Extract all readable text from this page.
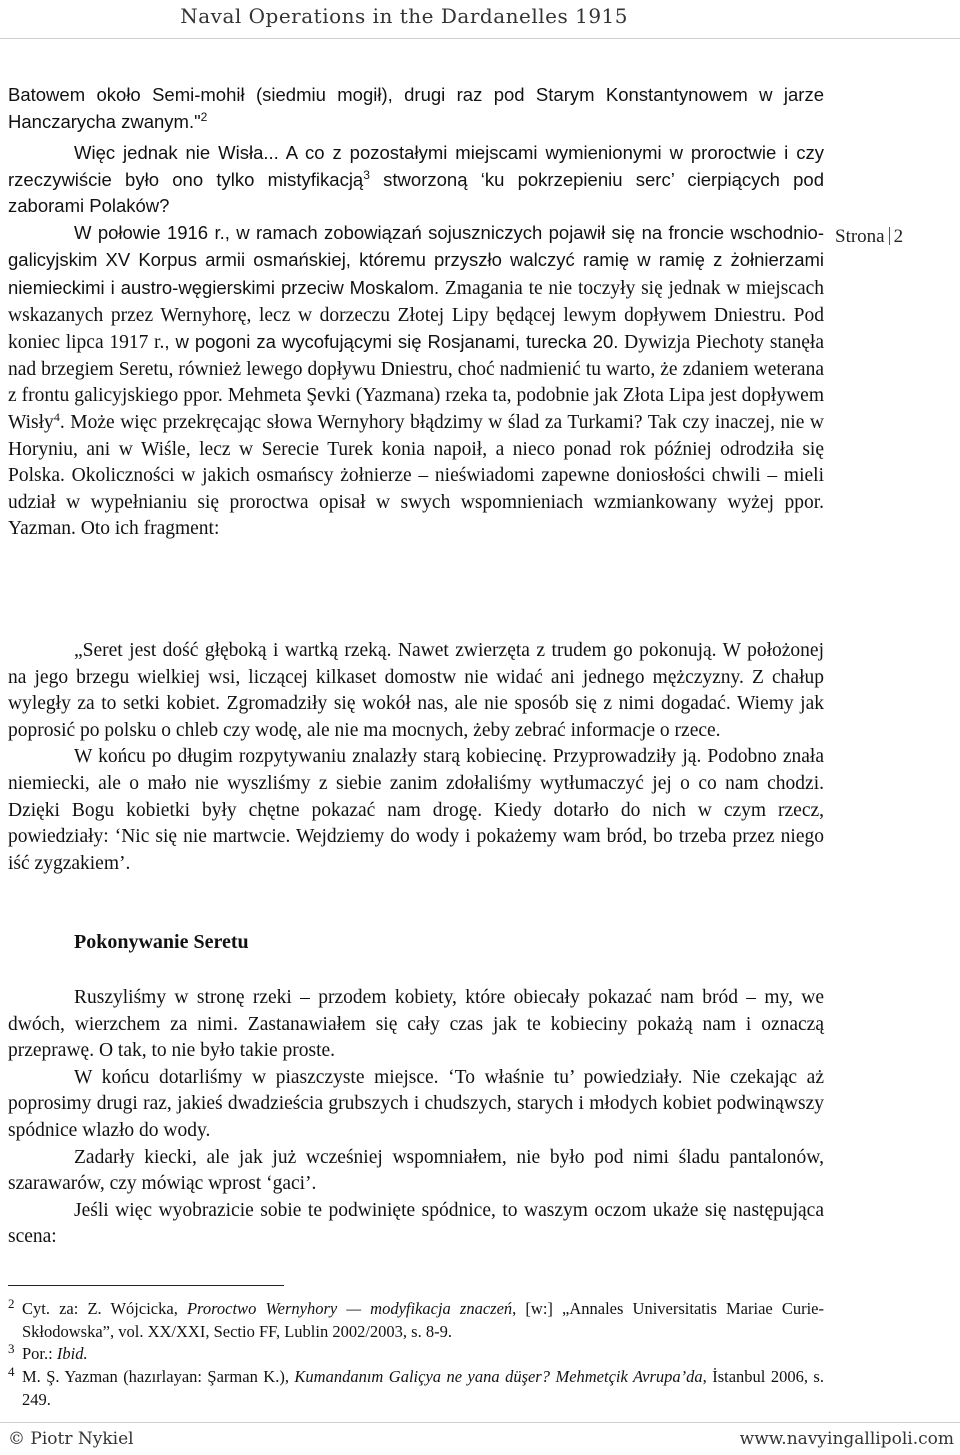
Naval Operations in the Dardanelles 1915
Strona 2

Batowem około Semi-mohił (siedmiu mogił), drugi raz pod Starym Konstantynowem w jarze Hanczarycha zwanym."$^2$

Więc jednak nie Wisła... A co z pozostałymi miejscami wymienionymi w proroctwie i czy rzeczywiście było ono tylko mistyfikacją$^3$ stworzoną ‘ku pokrzepieniu serc’ cierpiących pod zaborami Polaków?

W połowie 1916 r., w ramach zobowiązań sojuszniczych pojawił się na froncie wschodnio-galicyjskim XV Korpus armii osmańskiej, któremu przyszło walczyć ramię w ramię z żołnierzami niemieckimi i austro-węgierskimi przeciw Moskalom. Zmagania te nie toczyły się jednak w miejscach wskazanych przez Wernyhorę, lecz w dorzeczu Złotej Lipy będącej lewym dopływem Dniestru. Pod koniec lipca 1917 r., w pogoni za wycofującymi się Rosjanami, turecka 20. Dywizja Piechoty stanęła nad brzegiem Seretu, również lewego dopływu Dniestru, choć nadmienić tu warto, że zdaniem weterana z frontu galicyjskiego ppor. Mehmeta Şevki (Yazmana) rzeka ta, podobnie jak Złota Lipa jest dopływem Wisły$^4$. Może więc przekręcając słowa Wernyhory błądzimy w ślad za Turkami? Tak czy inaczej, nie w Horyniu, ani w Wiśle, lecz w Serecie Turek konia napoił, a nieco ponad rok później odrodziła się Polska. Okoliczności w jakich osmańscy żołnierze – nieświadomi zapewne doniosłości chwili – mieli udział w wypełnianiu się proroctwa opisał w swych wspomnieniach wzmiankowany wyżej ppor. Yazman. Oto ich fragment:

„Seret jest dość głęboką i wartką rzeką. Nawet zwierzęta z trudem go pokonują. W położonej na jego brzegu wielkiej wsi, liczącej kilkaset domostw nie widać ani jednego mężczyzny. Z chałup wyległy za to setki kobiet. Zgromadziły się wokół nas, ale nie sposób się z nimi dogadać. Wiemy jak poprosić po polsku o chleb czy wodę, ale nie ma mocnych, żeby zebrać informacje o rzece.

W końcu po długim rozpytywaniu znalazły starą kobiecinę. Przyprowadziły ją. Podobno znała niemiecki, ale o mało nie wyszliśmy z siebie zanim zdołaliśmy wytłumaczyć jej o co nam chodzi. Dzięki Bogu kobietki były chętne pokazać nam drogę. Kiedy dotarło do nich w czym rzecz, powiedziały: ‘Nic się nie martwcie. Wejdziemy do wody i pokażemy wam bród, bo trzeba przez niego iść zygzakiem’.

Pokonywanie Seretu

Ruszyliśmy w stronę rzeki – przodem kobiety, które obiecały pokazać nam bród – my, we dwóch, wierzchem za nimi. Zastanawiałem się cały czas jak te kobieciny pokażą nam i oznaczą przeprawę. O tak, to nie było takie proste.

W końcu dotarliśmy w piaszczyste miejsce. ‘To właśnie tu’ powiedziały. Nie czekając aż poprosimy drugi raz, jakieś dwadzieścia grubszych i chudszych, starych i młodych kobiet podwinąwszy spódnice wlazło do wody.

Zadarły kiecki, ale jak już wcześniej wspomniałem, nie było pod nimi śladu pantalonów, szarawarów, czy mówiąc wprost ‘gaci’.

Jeśli więc wyobrazicie sobie te podwinięte spódnice, to waszym oczom ukaże się następująca scena:

2 Cyt. za: Z. Wójcicka, Proroctwo Wernyhory — modyfikacja znaczeń, [w:] „Annales Universitatis Mariae Curie- Skłodowska”, vol. XX/XXI, Sectio FF, Lublin 2002/2003, s. 8-9.

3 Por.: Ibid.

4 M. Ş. Yazman (hazırlayan: Şarman K.), Kumandanım Galiçya ne yana düşer? Mehmetçik Avrupa’da, İstanbul 2006, s. 249.

© Piotr Nykiel	www.navyingallipoli.com
